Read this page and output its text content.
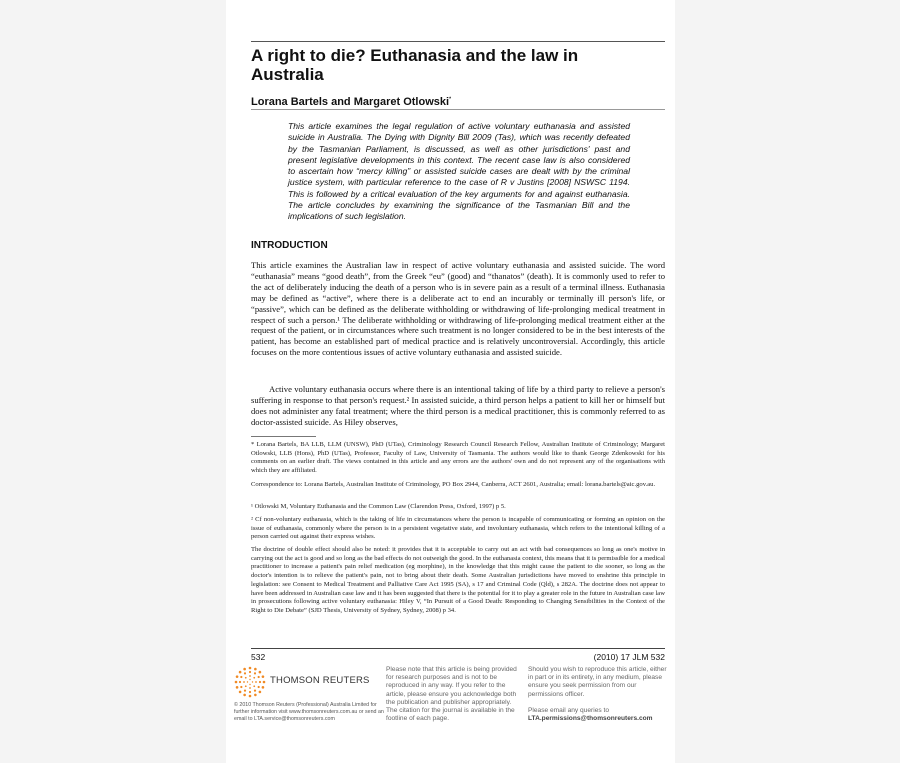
A right to die? Euthanasia and the law in Australia
Lorana Bartels and Margaret Otlowski*
This article examines the legal regulation of active voluntary euthanasia and assisted suicide in Australia. The Dying with Dignity Bill 2009 (Tas), which was recently defeated by the Tasmanian Parliament, is discussed, as well as other jurisdictions' past and present legislative developments in this context. The recent case law is also considered to ascertain how “mercy killing” or assisted suicide cases are dealt with by the criminal justice system, with particular reference to the case of R v Justins [2008] NSWSC 1194. This is followed by a critical evaluation of the key arguments for and against euthanasia. The article concludes by examining the significance of the Tasmanian Bill and the implications of such legislation.
INTRODUCTION
This article examines the Australian law in respect of active voluntary euthanasia and assisted suicide. The word “euthanasia” means “good death”, from the Greek “eu” (good) and “thanatos” (death). It is commonly used to refer to the act of deliberately inducing the death of a person who is in severe pain as a result of a terminal illness. Euthanasia may be defined as “active”, where there is a deliberate act to end an incurably or terminally ill person's life, or “passive”, which can be defined as the deliberate withholding or withdrawing of life-prolonging medical treatment in respect of such a person.¹ The deliberate withholding or withdrawing of life-prolonging medical treatment either at the request of the patient, or in circumstances where such treatment is no longer considered to be in the best interests of the patient, has become an established part of medical practice and is relatively uncontroversial. Accordingly, this article focuses on the more contentious issues of active voluntary euthanasia and assisted suicide.
Active voluntary euthanasia occurs where there is an intentional taking of life by a third party to relieve a person's suffering in response to that person's request.² In assisted suicide, a third person helps a patient to kill her or himself but does not administer any fatal treatment; where the third person is a medical practitioner, this is commonly referred to as doctor-assisted suicide. As Hiley observes,
* Lorana Bartels, BA LLB, LLM (UNSW), PhD (UTas), Criminology Research Council Research Fellow, Australian Institute of Criminology; Margaret Otlowski, LLB (Hons), PhD (UTas), Professor, Faculty of Law, University of Tasmania. The authors would like to thank George Zdenkowski for his comments on an earlier draft. The views contained in this article and any errors are the authors' own and do not represent any of the organisations with which they are affiliated.
Correspondence to: Lorana Bartels, Australian Institute of Criminology, PO Box 2944, Canberra, ACT 2601, Australia; email: lorana.bartels@aic.gov.au.
¹ Otlowski M, Voluntary Euthanasia and the Common Law (Clarendon Press, Oxford, 1997) p 5.
² Cf non-voluntary euthanasia, which is the taking of life in circumstances where the person is incapable of communicating or forming an opinion on the issue of euthanasia, commonly where the person is in a persistent vegetative state, and involuntary euthanasia, which refers to the intentional killing of a person carried out against their express wishes.
The doctrine of double effect should also be noted: it provides that it is acceptable to carry out an act with bad consequences so long as one's motive in carrying out the act is good and so long as the bad effects do not outweigh the good. In the euthanasia context, this means that it is permissible for a medical practitioner to increase a patient's pain relief medication (eg morphine), in the knowledge that this might cause the patient to die sooner, so long as the doctor's intention is to relieve the patient's pain, not to bring about their death. Some Australian jurisdictions have moved to enshrine this principle in legislation: see Consent to Medical Treatment and Palliative Care Act 1995 (SA), s 17 and Criminal Code (Qld), s 282A. The doctrine does not appear to have been addressed in Australian case law and it has been suggested that there is the potential for it to play a greater role in the future in Australian case law in prosecutions following active voluntary euthanasia: Hiley V, “In Pursuit of a Good Death: Responding to Changing Sensibilities in the Context of the Right to Die Debate” (SJD Thesis, University of Sydney, Sydney, 2008) p 34.
532	(2010) 17 JLM 532
THOMSON REUTERS
© 2010 Thomson Reuters (Professional) Australia Limited for further information visit www.thomsonreuters.com.au or send an email to LTA.service@thomsonreuters.com
Please note that this article is being provided for research purposes and is not to be reproduced in any way. If you refer to the article, please ensure you acknowledge both the publication and publisher appropriately. The citation for the journal is available in the footline of each page.
Should you wish to reproduce this article, either in part or in its entirety, in any medium, please ensure you seek permission from our permissions officer.
Please email any queries to
LTA.permissions@thomsonreuters.com
